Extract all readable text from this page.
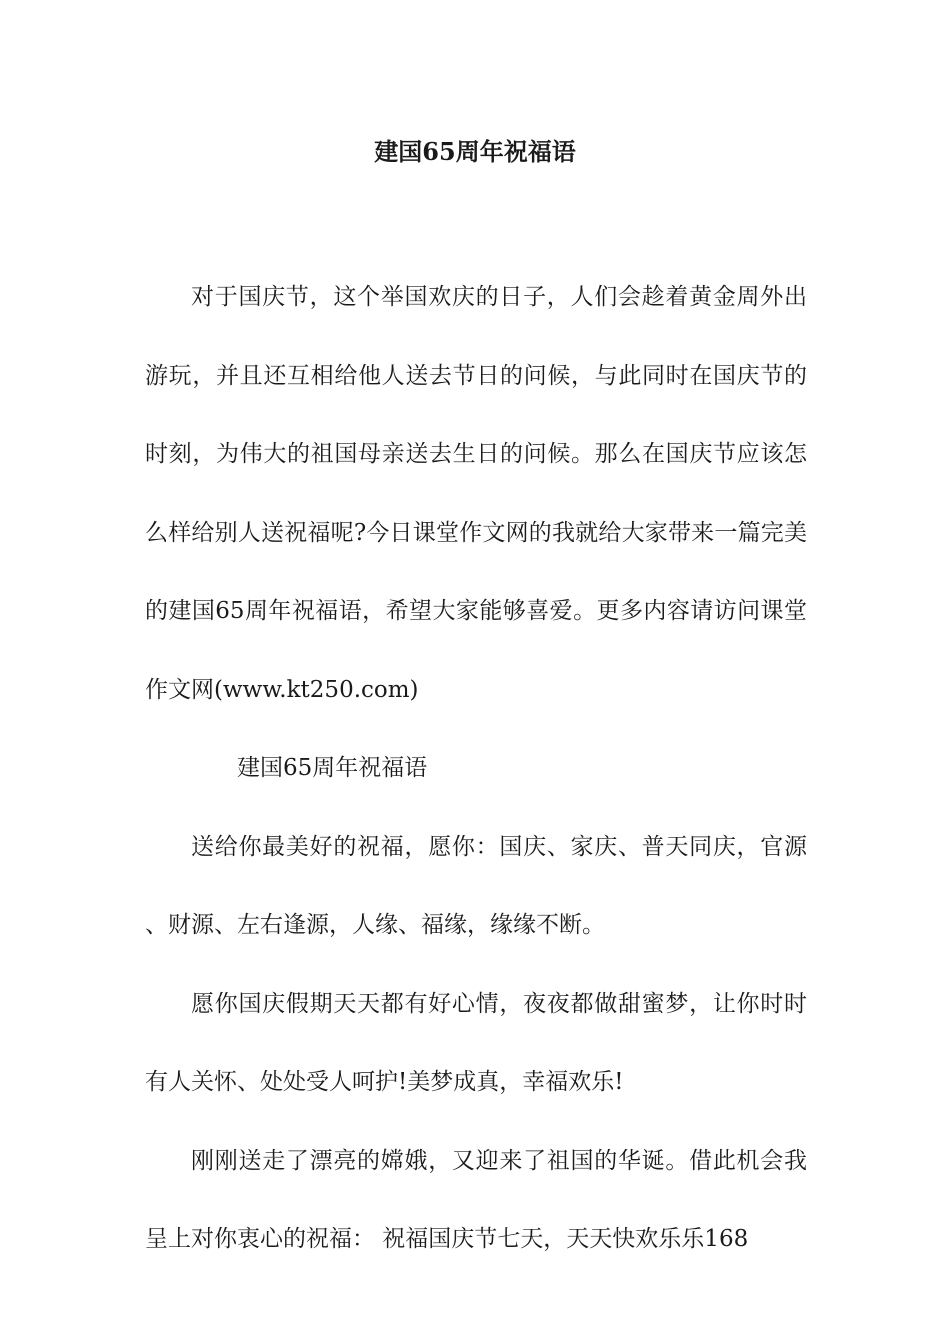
建国65周年祝福语

对于国庆节，这个举国欢庆的日子，人们会趁着黄金周外出游玩，并且还互相给他人送去节日的问候，与此同时在国庆节的时刻，为伟大的祖国母亲送去生日的问候。那么在国庆节应该怎么样给别人送祝福呢?今日课堂作文网的我就给大家带来一篇完美的建国65周年祝福语，希望大家能够喜爱。更多内容请访问课堂作文网(www.kt250.com)

建国65周年祝福语

送给你最美好的祝福，愿你：国庆、家庆、普天同庆，官源、财源、左右逢源，人缘、福缘，缘缘不断。

愿你国庆假期天天都有好心情，夜夜都做甜蜜梦，让你时时有人关怀、处处受人呵护!美梦成真，幸福欢乐!

刚刚送走了漂亮的嫦娥，又迎来了祖国的华诞。借此机会我呈上对你衷心的祝福： 祝福国庆节七天，天天快欢乐乐168
